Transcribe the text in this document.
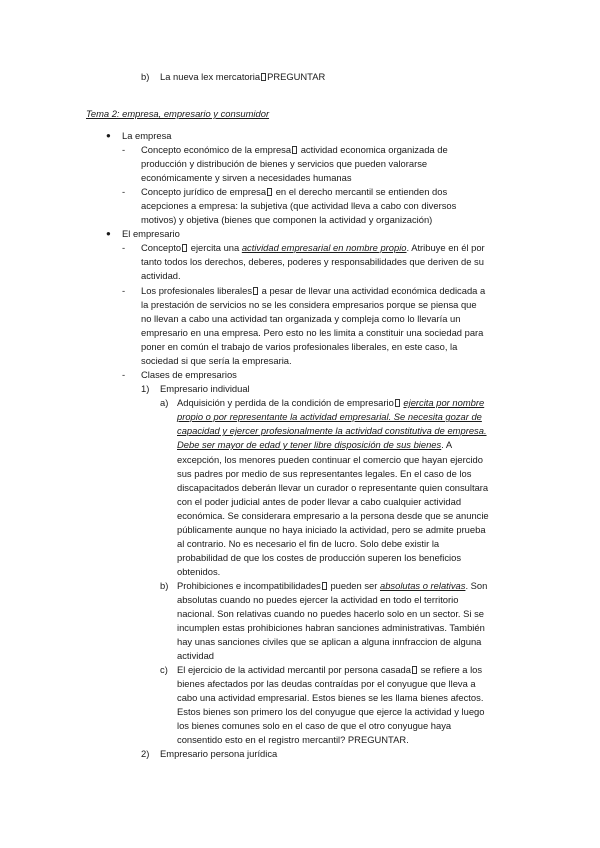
b) La nueva lex mercatoria PREGUNTAR
Tema 2: empresa, empresario y consumidor
● La empresa
- Concepto económico de la empresa actividad economica organizada de
producción y distribución de bienes y servicios que pueden valorarse
económicamente y sirven a necesidades humanas
- Concepto jurídico de empresa en el derecho mercantil se entienden dos
acepciones a empresa: la subjetiva (que actividad lleva a cabo con diversos
motivos) y objetiva (bienes que componen la actividad y organización)
● El empresario
- Concepto ejercita una actividad empresarial en nombre propio. Atribuye en él por
tanto todos los derechos, deberes, poderes y responsabilidades que deriven de su
actividad.
- Los profesionales liberales a pesar de llevar una actividad económica dedicada a
la prestación de servicios no se les considera empresarios porque se piensa que
no llevan a cabo una actividad tan organizada y compleja como lo llevaría un
empresario en una empresa. Pero esto no les limita a constituir una sociedad para
poner en común el trabajo de varios profesionales liberales, en este caso, la
sociedad si que sería la empresaria.
- Clases de empresarios
1) Empresario individual
a) Adquisición y perdida de la condición de empresario ejercita por nombre
propio o por representante la actividad empresarial. Se necesita gozar de
capacidad y ejercer profesionalmente la actividad constitutiva de empresa.
Debe ser mayor de edad y tener libre disposición de sus bienes. A
excepción, los menores pueden continuar el comercio que hayan ejercido
sus padres por medio de sus representantes legales. En el caso de los
discapacitados deberán llevar un curador o representante quien consultara
con el poder judicial antes de poder llevar a cabo cualquier actividad
económica. Se considerara empresario a la persona desde que se anuncie
públicamente aunque no haya iniciado la actividad, pero se admite prueba
al contrario. No es necesario el fin de lucro. Solo debe existir la
probabilidad de que los costes de producción superen los beneficios
obtenidos.
b) Prohibiciones e incompatibilidades pueden ser absolutas o relativas. Son
absolutas cuando no puedes ejercer la actividad en todo el territorio
nacional. Son relativas cuando no puedes hacerlo solo en un sector. Si se
incumplen estas prohibiciones habran sanciones administrativas. También
hay unas sanciones civiles que se aplican a alguna innfraccion de alguna
actividad
c) El ejercicio de la actividad mercantil por persona casada se refiere a los
bienes afectados por las deudas contraídas por el conyugue que lleva a
cabo una actividad empresarial. Estos bienes se les llama bienes afectos.
Estos bienes son primero los del conyugue que ejerce la actividad y luego
los bienes comunes solo en el caso de que el otro conyugue haya
consentido esto en el registro mercantil? PREGUNTAR.
2) Empresario persona jurídica
